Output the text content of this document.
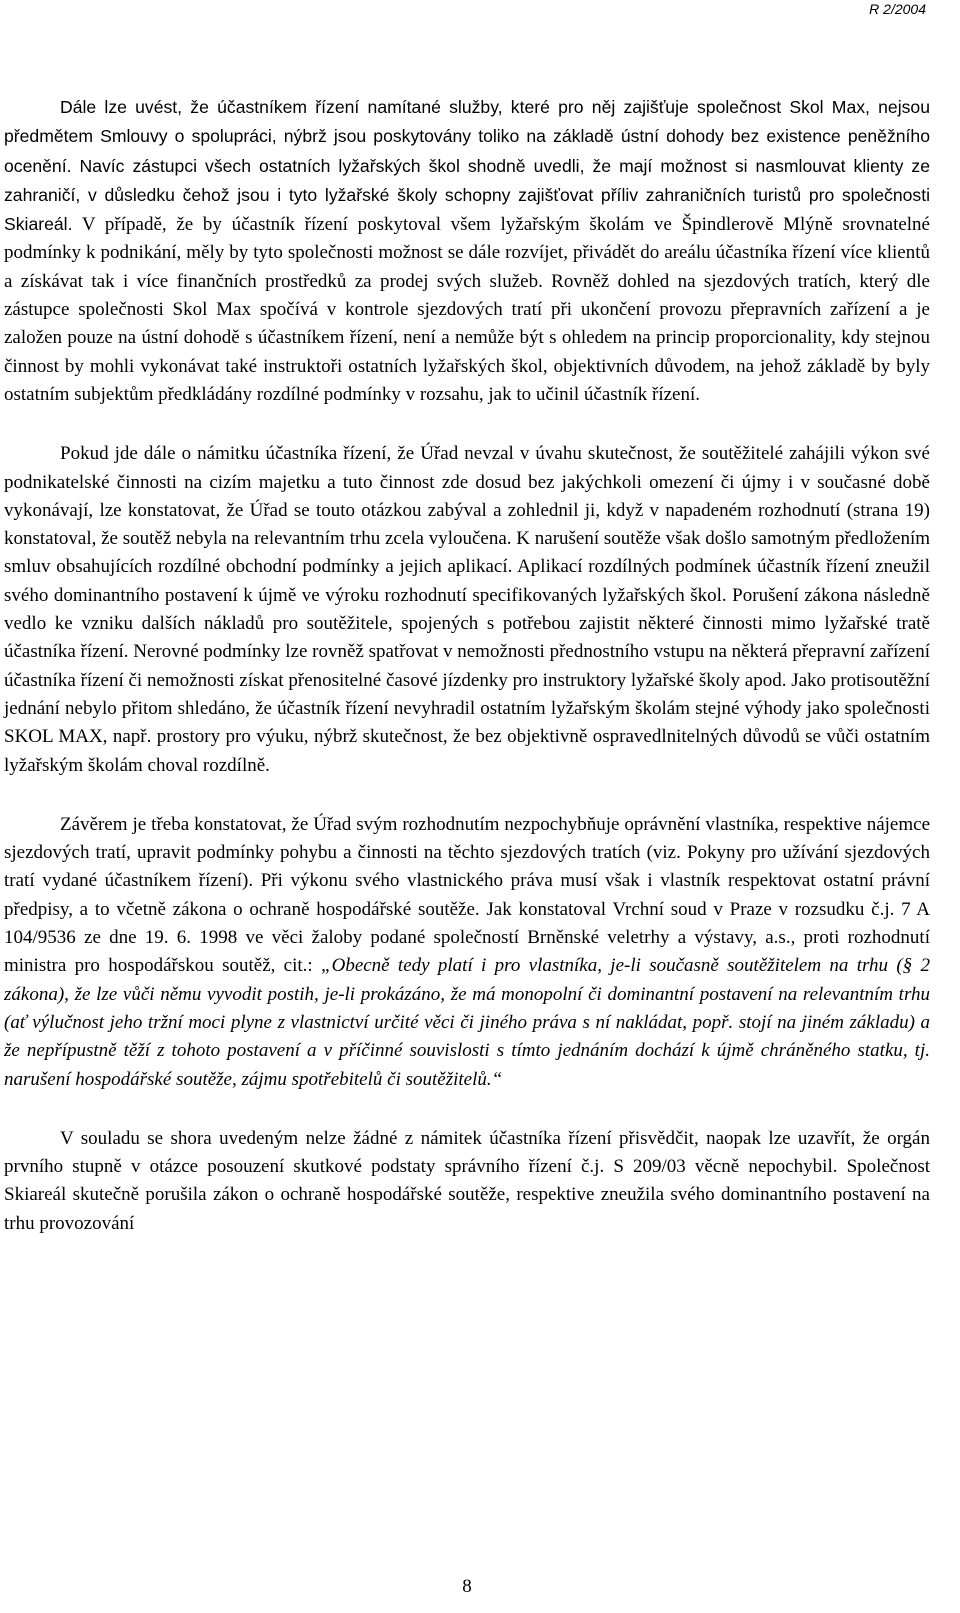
R 2/2004

Dále lze uvést, že účastníkem řízení namítané služby, které pro něj zajišťuje společnost Skol Max, nejsou předmětem Smlouvy o spolupráci, nýbrž jsou poskytovány toliko na základě ústní dohody bez existence peněžního ocenění. Navíc zástupci všech ostatních lyžařských škol shodně uvedli, že mají možnost si nasmlouvat klienty ze zahraničí, v důsledku čehož jsou i tyto lyžařské školy schopny zajišťovat příliv zahraničních turistů pro společnosti Skiareál. V případě, že by účastník řízení poskytoval všem lyžařským školám ve Špindlerově Mlýně srovnatelné podmínky k podnikání, měly by tyto společnosti možnost se dále rozvíjet, přivádět do areálu účastníka řízení více klientů a získávat tak i více finančních prostředků za prodej svých služeb. Rovněž dohled na sjezdových tratích, který dle zástupce společnosti Skol Max spočívá v kontrole sjezdových tratí při ukončení provozu přepravních zařízení a je založen pouze na ústní dohodě s účastníkem řízení, není a nemůže být s ohledem na princip proporcionality, kdy stejnou činnost by mohli vykonávat také instruktoři ostatních lyžařských škol, objektivních důvodem, na jehož základě by byly ostatním subjektům předkládány rozdílné podmínky v rozsahu, jak to učinil účastník řízení.

Pokud jde dále o námitku účastníka řízení, že Úřad nevzal v úvahu skutečnost, že soutěžitelé zahájili výkon své podnikatelské činnosti na cizím majetku a tuto činnost zde dosud bez jakýchkoli omezení či újmy i v současné době vykonávají, lze konstatovat, že Úřad se touto otázkou zabýval a zohlednil ji, když v napadeném rozhodnutí (strana 19) konstatoval, že soutěž nebyla na relevantním trhu zcela vyloučena. K narušení soutěže však došlo samotným předložením smluv obsahujících rozdílné obchodní podmínky a jejich aplikací. Aplikací rozdílných podmínek účastník řízení zneužil svého dominantního postavení k újmě ve výroku rozhodnutí specifikovaných lyžařských škol. Porušení zákona následně vedlo ke vzniku dalších nákladů pro soutěžitele, spojených s potřebou zajistit některé činnosti mimo lyžařské tratě účastníka řízení. Nerovné podmínky lze rovněž spatřovat v nemožnosti přednostního vstupu na některá přepravní zařízení účastníka řízení či nemožnosti získat přenositelné časové jízdenky pro instruktory lyžařské školy apod. Jako protisoutěžní jednání nebylo přitom shledáno, že účastník řízení nevyhradil ostatním lyžařským školám stejné výhody jako společnosti SKOL MAX, např. prostory pro výuku, nýbrž skutečnost, že bez objektivně ospravedlnitelných důvodů se vůči ostatním lyžařským školám choval rozdílně.

Závěrem je třeba konstatovat, že Úřad svým rozhodnutím nezpochybňuje oprávnění vlastníka, respektive nájemce sjezdových tratí, upravit podmínky pohybu a činnosti na těchto sjezdových tratích (viz. Pokyny pro užívání sjezdových tratí vydané účastníkem řízení). Při výkonu svého vlastnického práva musí však i vlastník respektovat ostatní právní předpisy, a to včetně zákona o ochraně hospodářské soutěže. Jak konstatoval Vrchní soud v Praze v rozsudku č.j. 7 A 104/9536 ze dne 19. 6. 1998 ve věci žaloby podané společností Brněnské veletrhy a výstavy, a.s., proti rozhodnutí ministra pro hospodářskou soutěž, cit.: „Obecně tedy platí i pro vlastníka, je-li současně soutěžitelem na trhu (§ 2 zákona), že lze vůči němu vyvodit postih, je-li prokázáno, že má monopolní či dominantní postavení na relevantním trhu (ať výlučnost jeho tržní moci plyne z vlastnictví určité věci či jiného práva s ní nakládat, popř. stojí na jiném základu) a že nepřípustně těží z tohoto postavení a v příčinné souvislosti s tímto jednáním dochází k újmě chráněného statku, tj. narušení hospodářské soutěže, zájmu spotřebitelů či soutěžitelů.“

V souladu se shora uvedeným nelze žádné z námitek účastníka řízení přisvědčit, naopak lze uzavřít, že orgán prvního stupně v otázce posouzení skutkové podstaty správního řízení č.j. S 209/03 věcně nepochybil. Společnost Skiareál skutečně porušila zákon o ochraně hospodářské soutěže, respektive zneužila svého dominantního postavení na trhu provozování

8
